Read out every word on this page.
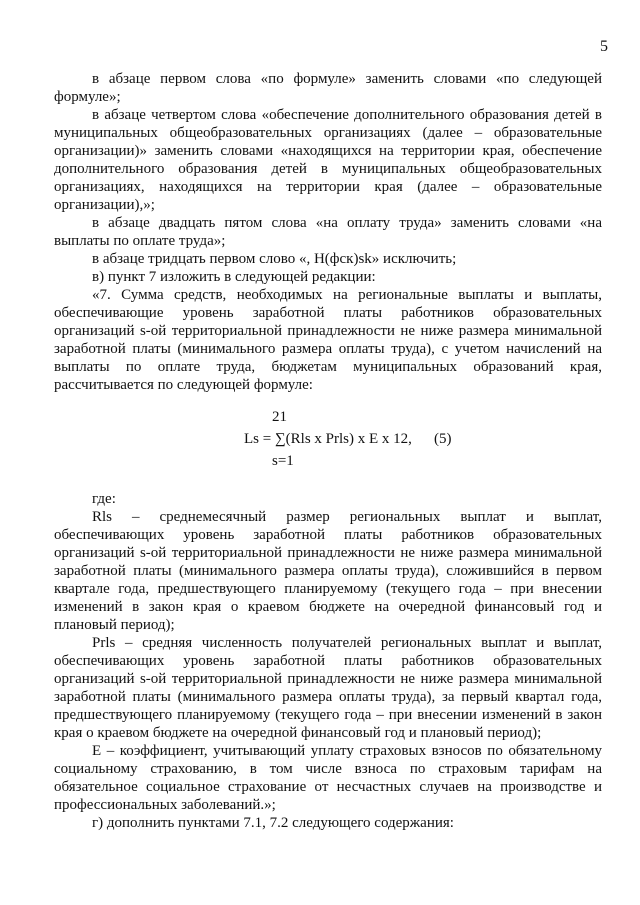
5

в абзаце первом слова «по формуле» заменить словами «по следующей формуле»;

в абзаце четвертом слова «обеспечение дополнительного образования детей в муниципальных общеобразовательных организациях (далее – образовательные организации)» заменить словами «находящихся на территории края, обеспечение дополнительного образования детей в муниципальных общеобразовательных организациях, находящихся на территории края (далее – образовательные организации),»;

в абзаце двадцать пятом слова «на оплату труда» заменить словами «на выплаты по оплате труда»;

в абзаце тридцать первом слово «, H(фск)sk» исключить;

в) пункт 7 изложить в следующей редакции:

«7. Сумма средств, необходимых на региональные выплаты и выплаты, обеспечивающие уровень заработной платы работников образовательных организаций s-ой территориальной принадлежности не ниже размера минимальной заработной платы (минимального размера оплаты труда), с учетом начислений на выплаты по оплате труда, бюджетам муниципальных образований края, рассчитывается по следующей формуле:

21
Ls = ∑(Rls x Prls) x E x 12, (5)
s=1

где:

Rls – среднемесячный размер региональных выплат и выплат, обеспечивающих уровень заработной платы работников образовательных организаций s-ой территориальной принадлежности не ниже размера минимальной заработной платы (минимального размера оплаты труда), сложившийся в первом квартале года, предшествующего планируемому (текущего года – при внесении изменений в закон края о краевом бюджете на очередной финансовый год и плановый период);

Prls – средняя численность получателей региональных выплат и выплат, обеспечивающих уровень заработной платы работников образовательных организаций s-ой территориальной принадлежности не ниже размера минимальной заработной платы (минимального размера оплаты труда), за первый квартал года, предшествующего планируемому (текущего года – при внесении изменений в закон края о краевом бюджете на очередной финансовый год и плановый период);

E – коэффициент, учитывающий уплату страховых взносов по обязательному социальному страхованию, в том числе взноса по страховым тарифам на обязательное социальное страхование от несчастных случаев на производстве и профессиональных заболеваний.»;

г) дополнить пунктами 7.1, 7.2 следующего содержания:
